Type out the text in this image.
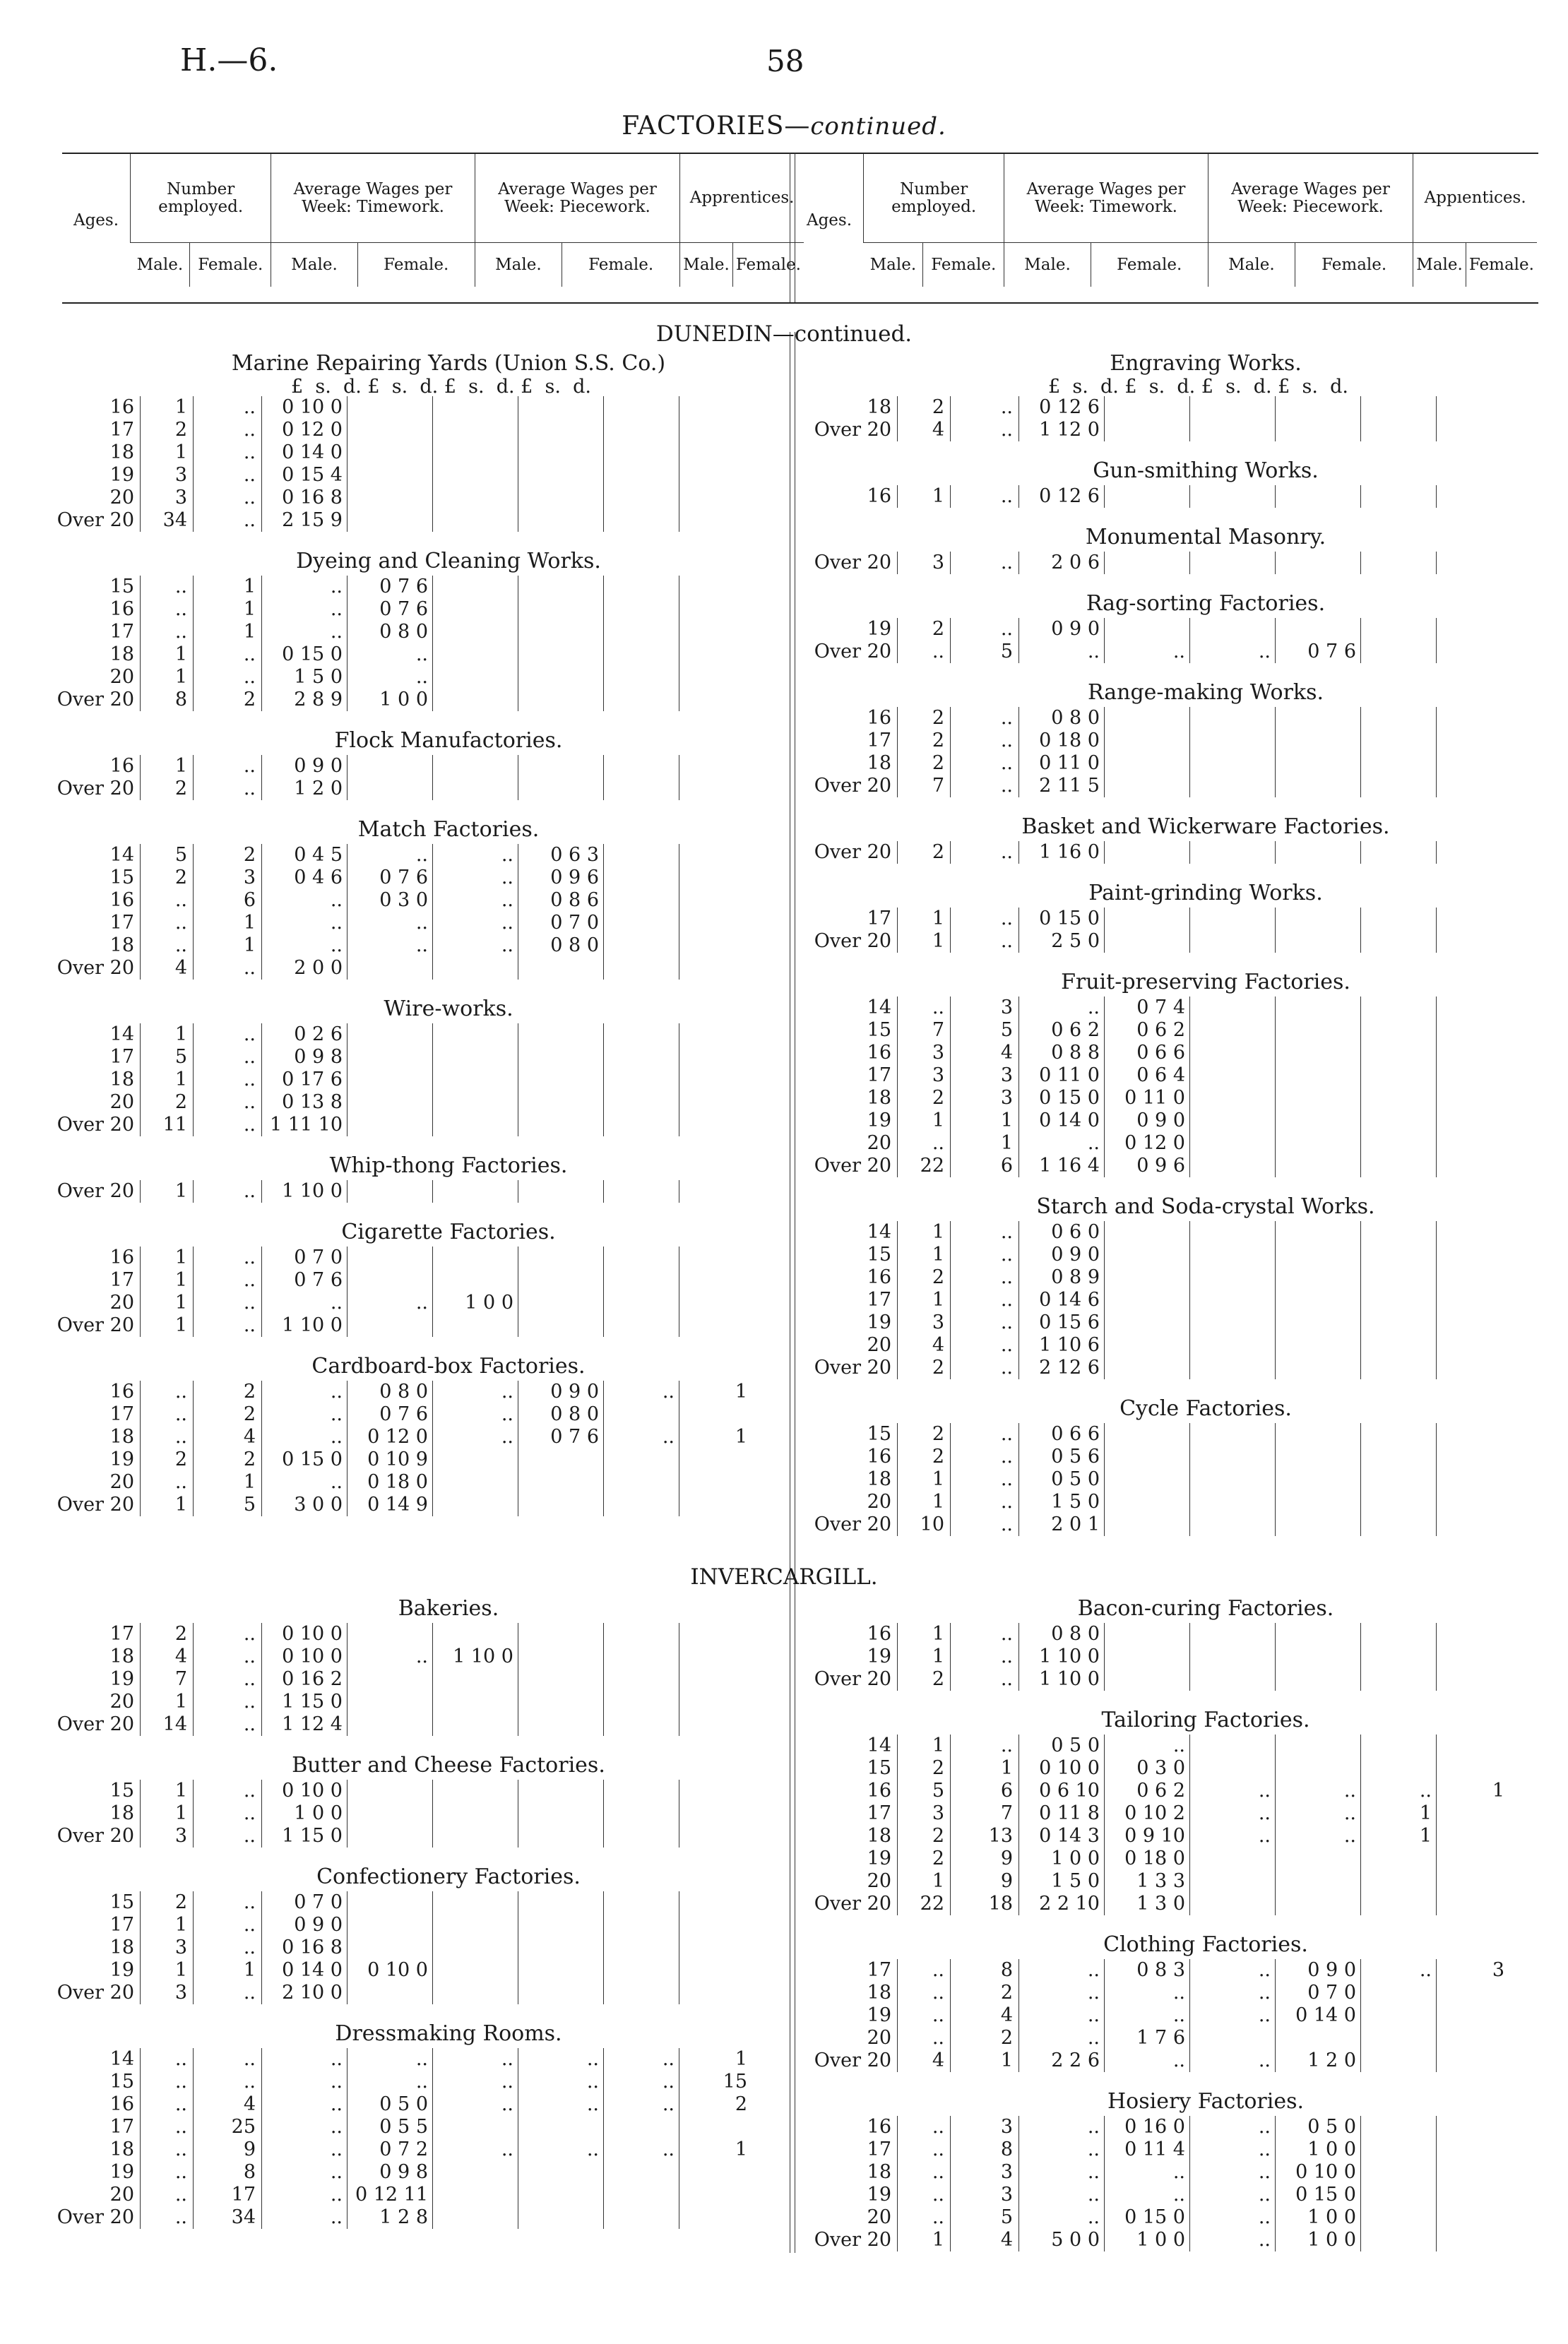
H.—6.	58
FACTORIES—continued.
Ages.	Number employed.		Average Wages per Week: Timework.		Average Wages per Week: Piecework.		Apprentices.	
	Male.	Female.	Male.	Female.	Male.	Female.	Male.	Female.
Ages.	Number employed.		Average Wages per Week: Timework.		Average Wages per Week: Piecework.		Appıentices.	
	Male.	Female.	Male.	Female.	Male.	Female.	Male.	Female.
DUNEDIN—continued.
INVERCARGILL.
Marine Repairing Yards (Union S.S. Co.)
£  s.  d. £  s.  d. £  s.  d. £  s.  d.
16	1	..	0 10 0					
17	2	..	0 12 0					
18	1	..	0 14 0					
19	3	..	0 15 4					
20	3	..	0 16 8					
Over 20	34	..	2 15 9					
Dyeing and Cleaning Works.
15	..	1	..	0 7 6				
16	..	1	..	0 7 6				
17	..	1	..	0 8 0				
18	1	..	0 15 0	..				
20	1	..	1 5 0	..				
Over 20	8	2	2 8 9	1 0 0				
Flock Manufactories.
16	1	..	0 9 0					
Over 20	2	..	1 2 0					
Match Factories.
14	5	2	0 4 5	..	..	0 6 3		
15	2	3	0 4 6	0 7 6	..	0 9 6		
16	..	6	..	0 3 0	..	0 8 6		
17	..	1	..	..	..	0 7 0		
18	..	1	..	..	..	0 8 0		
Over 20	4	..	2 0 0					
Wire-works.
14	1	..	0 2 6					
17	5	..	0 9 8					
18	1	..	0 17 6					
20	2	..	0 13 8					
Over 20	11	..	1 11 10					
Whip-thong Factories.
Over 20	1	..	1 10 0					
Cigarette Factories.
16	1	..	0 7 0					
17	1	..	0 7 6					
20	1	..	..	..	1 0 0			
Over 20	1	..	1 10 0					
Cardboard-box Factories.
16	..	2	..	0 8 0	..	0 9 0	..	1
17	..	2	..	0 7 6	..	0 8 0		
18	..	4	..	0 12 0	..	0 7 6	..	1
19	2	2	0 15 0	0 10 9				
20	..	1	..	0 18 0				
Over 20	1	5	3 0 0	0 14 9				
Engraving Works.
£  s.  d. £  s.  d. £  s.  d. £  s.  d.
18	2	..	0 12 6					
Over 20	4	..	1 12 0					
Gun-smithing Works.
16	1	..	0 12 6					
Monumental Masonry.
Over 20	3	..	2 0 6					
Rag-sorting Factories.
19	2	..	0 9 0					
Over 20	..	5	..	..	..	0 7 6		
Range-making Works.
16	2	..	0 8 0					
17	2	..	0 18 0					
18	2	..	0 11 0					
Over 20	7	..	2 11 5					
Basket and Wickerware Factories.
Over 20	2	..	1 16 0					
Paint-grinding Works.
17	1	..	0 15 0					
Over 20	1	..	2 5 0					
Fruit-preserving Factories.
14	..	3	..	0 7 4				
15	7	5	0 6 2	0 6 2				
16	3	4	0 8 8	0 6 6				
17	3	3	0 11 0	0 6 4				
18	2	3	0 15 0	0 11 0				
19	1	1	0 14 0	0 9 0				
20	..	1	..	0 12 0				
Over 20	22	6	1 16 4	0 9 6				
Starch and Soda-crystal Works.
14	1	..	0 6 0					
15	1	..	0 9 0					
16	2	..	0 8 9					
17	1	..	0 14 6					
19	3	..	0 15 6					
20	4	..	1 10 6					
Over 20	2	..	2 12 6					
Cycle Factories.
15	2	..	0 6 6					
16	2	..	0 5 6					
18	1	..	0 5 0					
20	1	..	1 5 0					
Over 20	10	..	2 0 1					
Bakeries.
17	2	..	0 10 0					
18	4	..	0 10 0	..	1 10 0			
19	7	..	0 16 2					
20	1	..	1 15 0					
Over 20	14	..	1 12 4					
Butter and Cheese Factories.
15	1	..	0 10 0					
18	1	..	1 0 0					
Over 20	3	..	1 15 0					
Confectionery Factories.
15	2	..	0 7 0					
17	1	..	0 9 0					
18	3	..	0 16 8					
19	1	1	0 14 0	0 10 0				
Over 20	3	..	2 10 0					
Dressmaking Rooms.
14	..	..	..	..	..	..	..	1
15	..	..	..	..	..	..	..	15
16	..	4	..	0 5 0	..	..	..	2
17	..	25	..	0 5 5				
18	..	9	..	0 7 2	..	..	..	1
19	..	8	..	0 9 8				
20	..	17	..	0 12 11				
Over 20	..	34	..	1 2 8				
Bacon-curing Factories.
16	1	..	0 8 0					
19	1	..	1 10 0					
Over 20	2	..	1 10 0					
Tailoring Factories.
14	1	..	0 5 0	..				
15	2	1	0 10 0	0 3 0				
16	5	6	0 6 10	0 6 2	..	..	..	1
17	3	7	0 11 8	0 10 2	..	..	1	
18	2	13	0 14 3	0 9 10	..	..	1	
19	2	9	1 0 0	0 18 0				
20	1	9	1 5 0	1 3 3				
Over 20	22	18	2 2 10	1 3 0				
Clothing Factories.
17	..	8	..	0 8 3	..	0 9 0	..	3
18	..	2	..	..	..	0 7 0		
19	..	4	..	..	..	0 14 0		
20	..	2	..	1 7 6				
Over 20	4	1	2 2 6	..	..	1 2 0		
Hosiery Factories.
16	..	3	..	0 16 0	..	0 5 0		
17	..	8	..	0 11 4	..	1 0 0		
18	..	3	..	..	..	0 10 0		
19	..	3	..	..	..	0 15 0		
20	..	5	..	0 15 0	..	1 0 0		
Over 20	1	4	5 0 0	1 0 0	..	1 0 0		
